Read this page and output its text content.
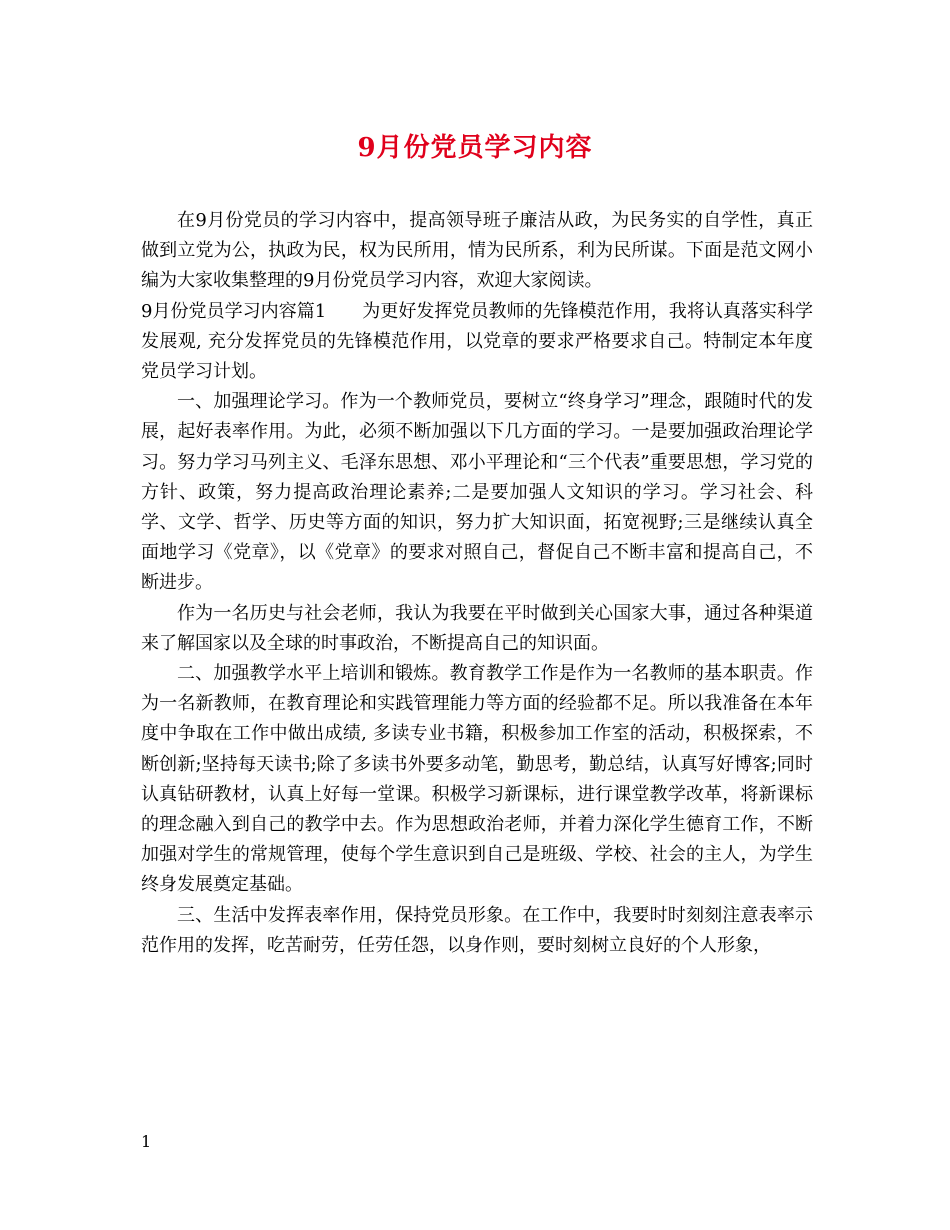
9月份党员学习内容

在9月份党员的学习内容中，提高领导班子廉洁从政，为民务实的自学性，真正做到立党为公，执政为民，权为民所用，情为民所系，利为民所谋。下面是范文网小编为大家收集整理的9月份党员学习内容，欢迎大家阅读。

9月份党员学习内容篇1　　为更好发挥党员教师的先锋模范作用，我将认真落实科学发展观, 充分发挥党员的先锋模范作用，以党章的要求严格要求自己。特制定本年度党员学习计划。

一、加强理论学习。作为一个教师党员，要树立“终身学习”理念，跟随时代的发展，起好表率作用。为此，必须不断加强以下几方面的学习。一是要加强政治理论学习。努力学习马列主义、毛泽东思想、邓小平理论和“三个代表”重要思想，学习党的方针、政策，努力提高政治理论素养;二是要加强人文知识的学习。学习社会、科学、文学、哲学、历史等方面的知识，努力扩大知识面，拓宽视野;三是继续认真全面地学习《党章》，以《党章》的要求对照自己，督促自己不断丰富和提高自己，不断进步。

作为一名历史与社会老师，我认为我要在平时做到关心国家大事，通过各种渠道来了解国家以及全球的时事政治，不断提高自己的知识面。

二、加强教学水平上培训和锻炼。教育教学工作是作为一名教师的基本职责。作为一名新教师，在教育理论和实践管理能力等方面的经验都不足。所以我准备在本年度中争取在工作中做出成绩, 多读专业书籍，积极参加工作室的活动，积极探索，不断创新;坚持每天读书;除了多读书外要多动笔，勤思考，勤总结，认真写好博客;同时认真钻研教材，认真上好每一堂课。积极学习新课标，进行课堂教学改革，将新课标的理念融入到自己的教学中去。作为思想政治老师，并着力深化学生德育工作，不断加强对学生的常规管理，使每个学生意识到自己是班级、学校、社会的主人，为学生终身发展奠定基础。

三、生活中发挥表率作用，保持党员形象。在工作中，我要时时刻刻注意表率示范作用的发挥，吃苦耐劳，任劳任怨，以身作则，要时刻树立良好的个人形象，

1
